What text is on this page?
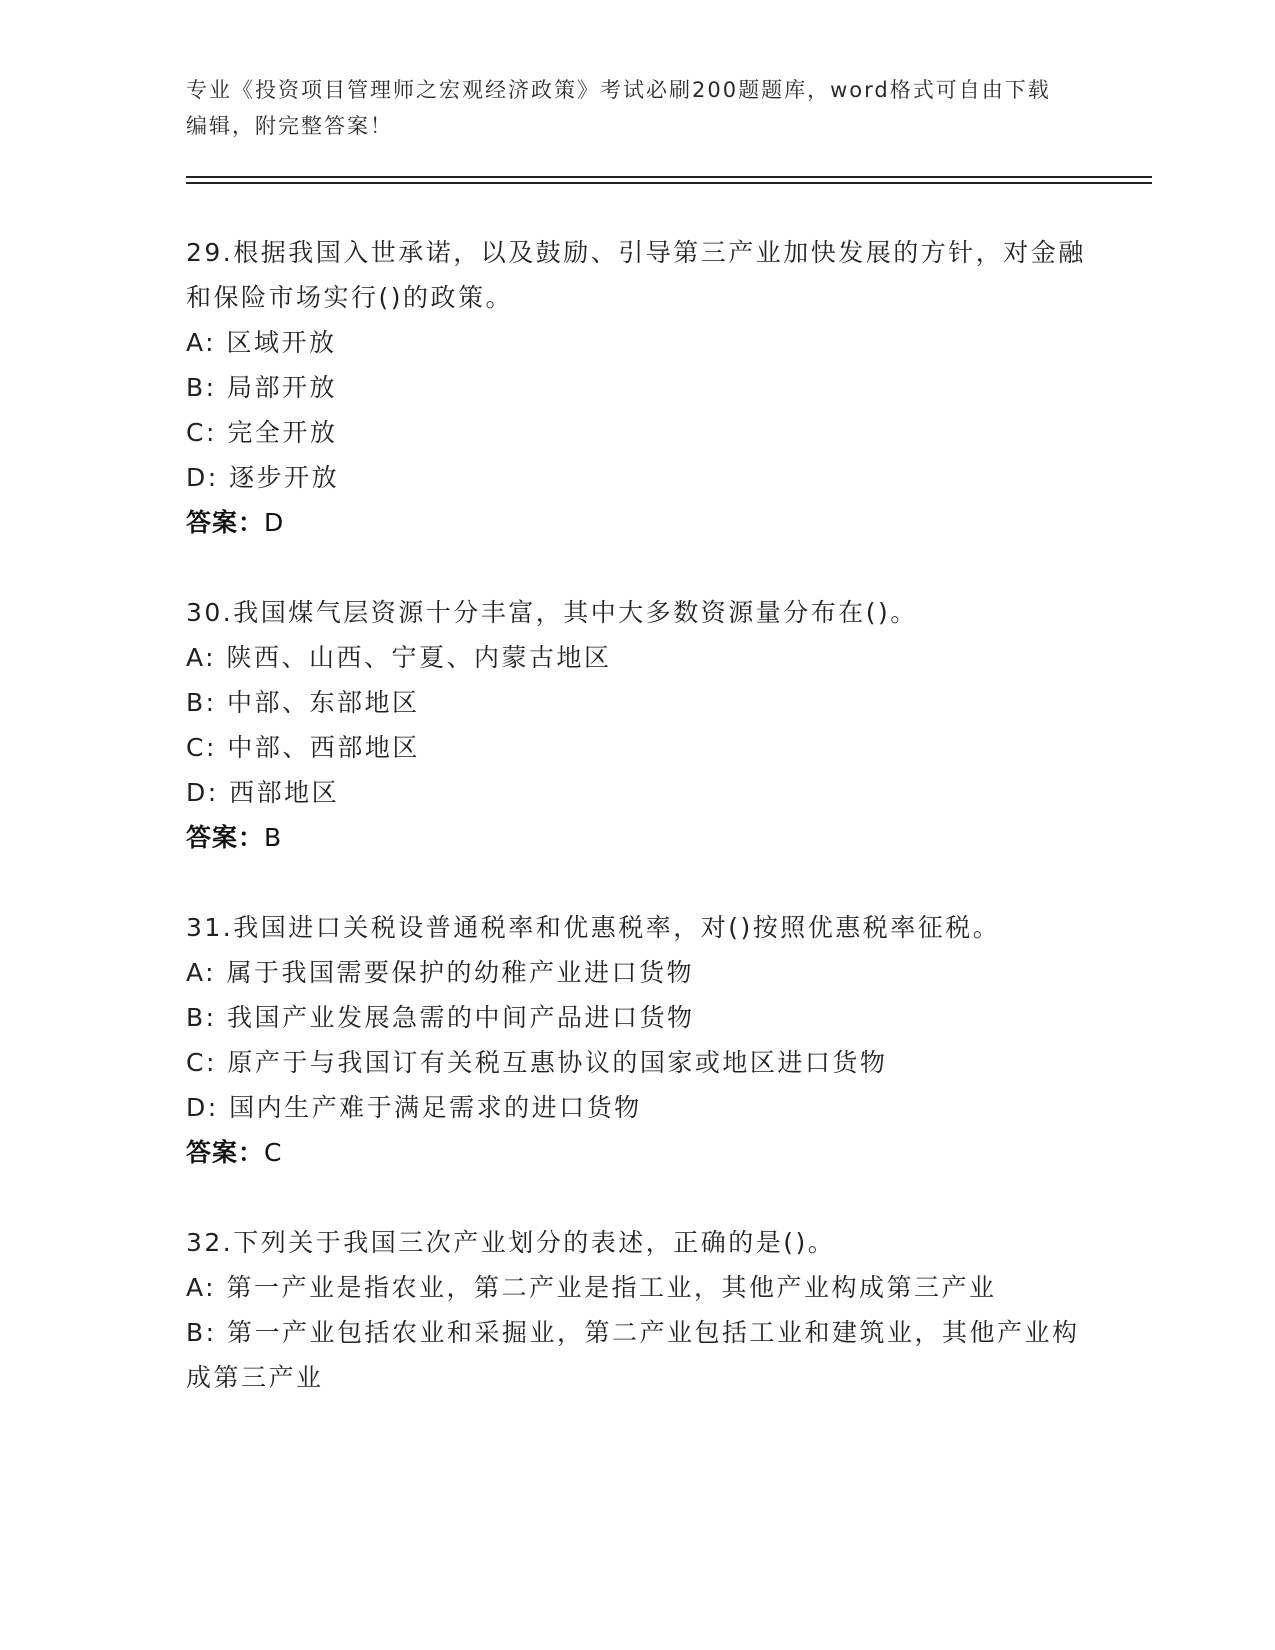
专业《投资项目管理师之宏观经济政策》考试必刷200题题库，word格式可自由下载编辑，附完整答案！

29.根据我国入世承诺，以及鼓励、引导第三产业加快发展的方针，对金融和保险市场实行()的政策。

A: 区域开放

B: 局部开放

C: 完全开放

D: 逐步开放

答案：D

30.我国煤气层资源十分丰富，其中大多数资源量分布在()。

A: 陕西、山西、宁夏、内蒙古地区

B: 中部、东部地区

C: 中部、西部地区

D: 西部地区

答案：B

31.我国进口关税设普通税率和优惠税率，对()按照优惠税率征税。

A: 属于我国需要保护的幼稚产业进口货物

B: 我国产业发展急需的中间产品进口货物

C: 原产于与我国订有关税互惠协议的国家或地区进口货物

D: 国内生产难于满足需求的进口货物

答案：C

32.下列关于我国三次产业划分的表述，正确的是()。

A: 第一产业是指农业，第二产业是指工业，其他产业构成第三产业

B: 第一产业包括农业和采掘业，第二产业包括工业和建筑业，其他产业构成第三产业
